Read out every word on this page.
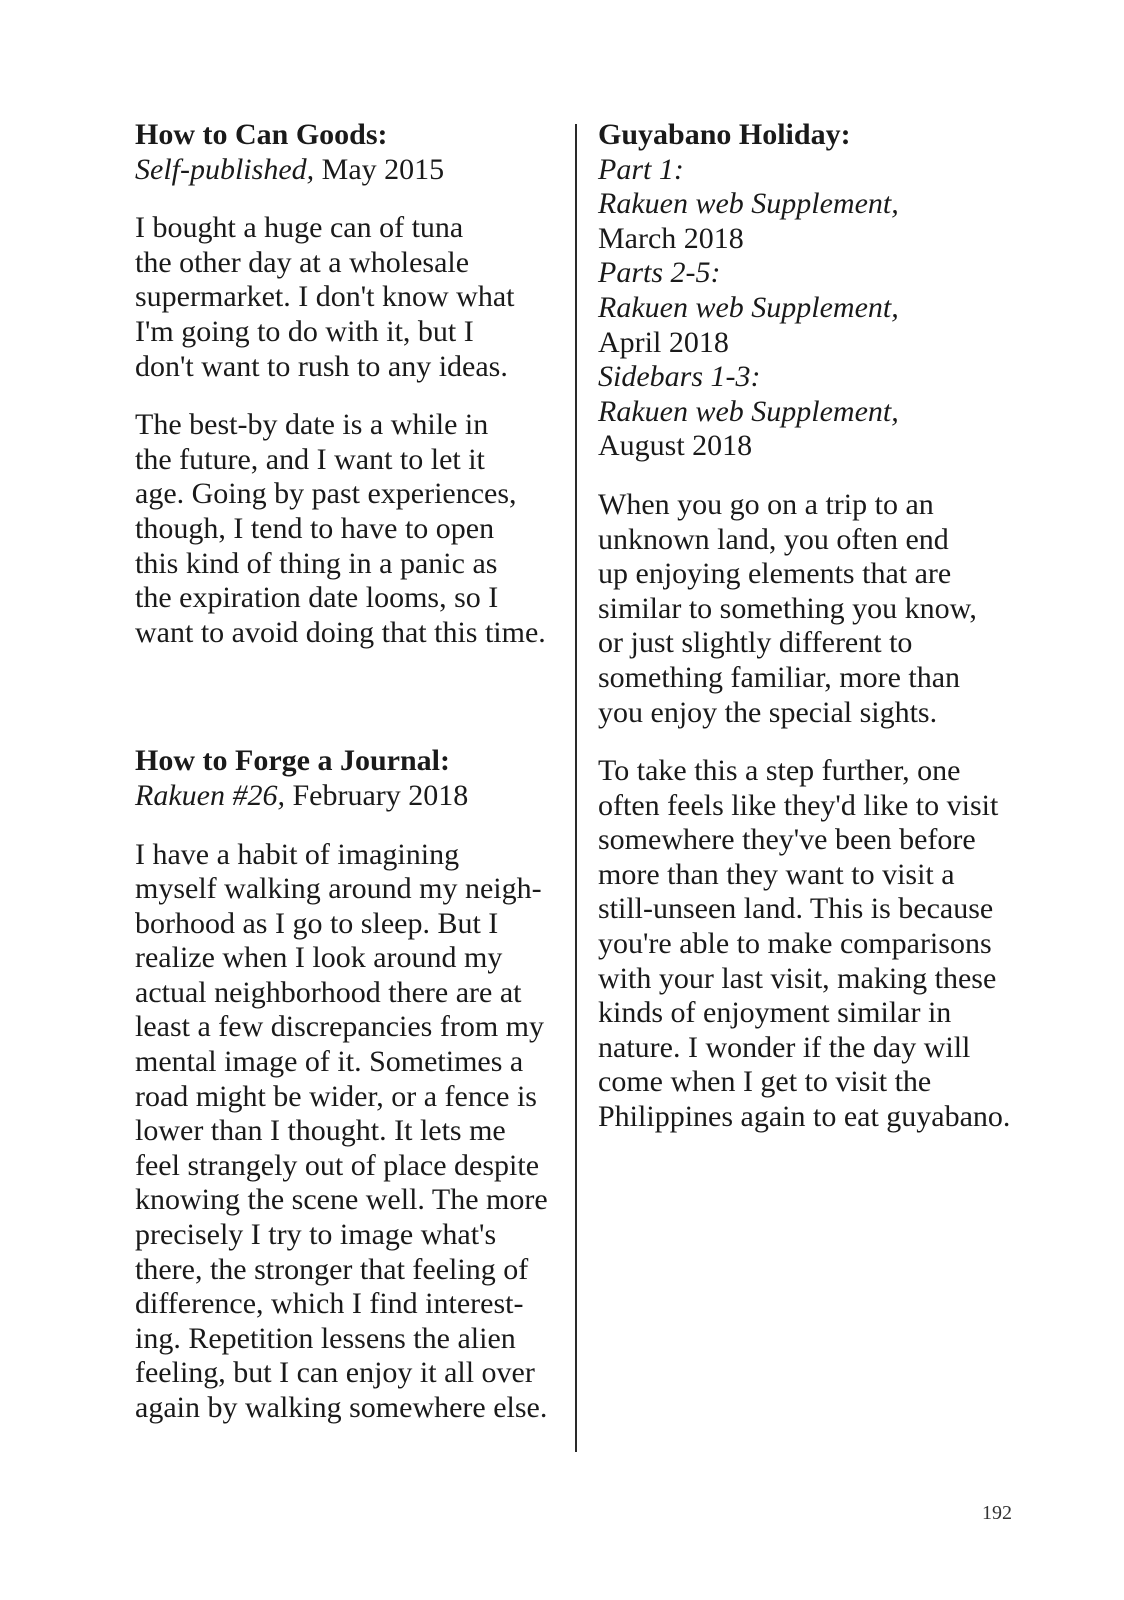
How to Can Goods:
Self-published, May 2015
I bought a huge can of tuna
the other day at a wholesale
supermarket. I don't know what
I'm going to do with it, but I
don't want to rush to any ideas.
The best-by date is a while in
the future, and I want to let it
age. Going by past experiences,
though, I tend to have to open
this kind of thing in a panic as
the expiration date looms, so I
want to avoid doing that this time.
How to Forge a Journal:
Rakuen #26, February 2018
I have a habit of imagining
myself walking around my neigh-
borhood as I go to sleep. But I
realize when I look around my
actual neighborhood there are at
least a few discrepancies from my
mental image of it. Sometimes a
road might be wider, or a fence is
lower than I thought. It lets me
feel strangely out of place despite
knowing the scene well. The more
precisely I try to image what's
there, the stronger that feeling of
difference, which I find interest-
ing. Repetition lessens the alien
feeling, but I can enjoy it all over
again by walking somewhere else.
Guyabano Holiday:
Part 1:
Rakuen web Supplement,
March 2018
Parts 2-5:
Rakuen web Supplement,
April 2018
Sidebars 1-3:
Rakuen web Supplement,
August 2018
When you go on a trip to an
unknown land, you often end
up enjoying elements that are
similar to something you know,
or just slightly different to
something familiar, more than
you enjoy the special sights.
To take this a step further, one
often feels like they'd like to visit
somewhere they've been before
more than they want to visit a
still-unseen land. This is because
you're able to make comparisons
with your last visit, making these
kinds of enjoyment similar in
nature. I wonder if the day will
come when I get to visit the
Philippines again to eat guyabano.
192
